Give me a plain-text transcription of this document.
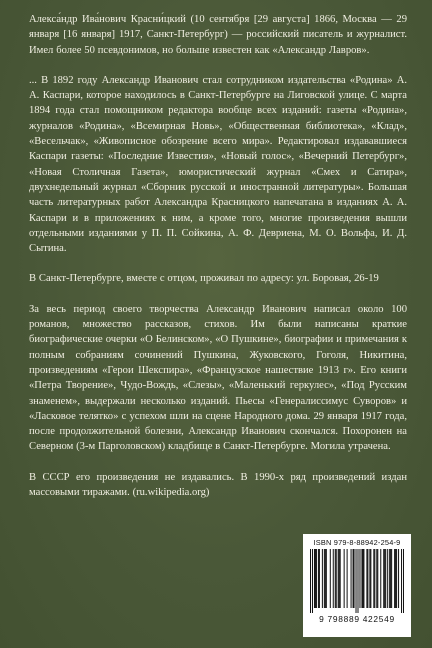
Алекса́ндр Ива́нович Красни́цкий (10 сентября [29 августа] 1866, Москва — 29 января [16 января] 1917, Санкт-Петербург) — российский писатель и журналист. Имел более 50 псевдонимов, но больше известен как «Александр Лавров».

... В 1892 году Александр Иванович стал сотрудником издательства «Родина» А. А. Каспари, которое находилось в Санкт-Петербурге на Лиговской улице. С марта 1894 года стал помощником редактора вообще всех изданий: газеты «Родина», журналов «Родина», «Всемирная Новь», «Общественная библиотека», «Клад», «Весельчак», «Живописное обозрение всего мира». Редактировал издававшиеся Каспари газеты: «Последние Известия», «Новый голос», «Вечерний Петербург», «Новая Столичная Газета», юмористический журнал «Смех и Сатира», двухнедельный журнал «Сборник русской и иностранной литературы». Большая часть литературных работ Александра Красницкого напечатана в изданиях А. А. Каспари и в приложениях к ним, а кроме того, многие произведения вышли отдельными изданиями у П. П. Сойкина, А. Ф. Девриена, М. О. Вольфа, И. Д. Сытина.

В Санкт-Петербурге, вместе с отцом, проживал по адресу: ул. Боровая, 26-19

За весь период своего творчества Александр Иванович написал около 100 романов, множество рассказов, стихов. Им были написаны краткие биографические очерки «О Белинском», «О Пушкине», биографии и примечания к полным собраниям сочинений Пушкина, Жуковского, Гоголя, Никитина, произведениям «Герои Шекспира», «Французское нашествие 1913 г». Его книги «Петра Творение», Чудо-Вождь, «Слезы», «Маленький геркулес», «Под Русским знаменем», выдержали несколько изданий. Пьесы «Генералиссимус Суворов» и «Ласковое телятко» с успехом шли на сцене Народного дома. 29 января 1917 года, после продолжительной болезни, Александр Иванович скончался. Похоронен на Северном (3-м Парголовском) кладбище в Санкт-Петербурге. Могила утрачена.

В СССР его произведения не издавались. В 1990-х ряд произведений издан массовыми тиражами. (ru.wikipedia.org)

ISBN 979-8-88942-254-9
9 798889 422549
